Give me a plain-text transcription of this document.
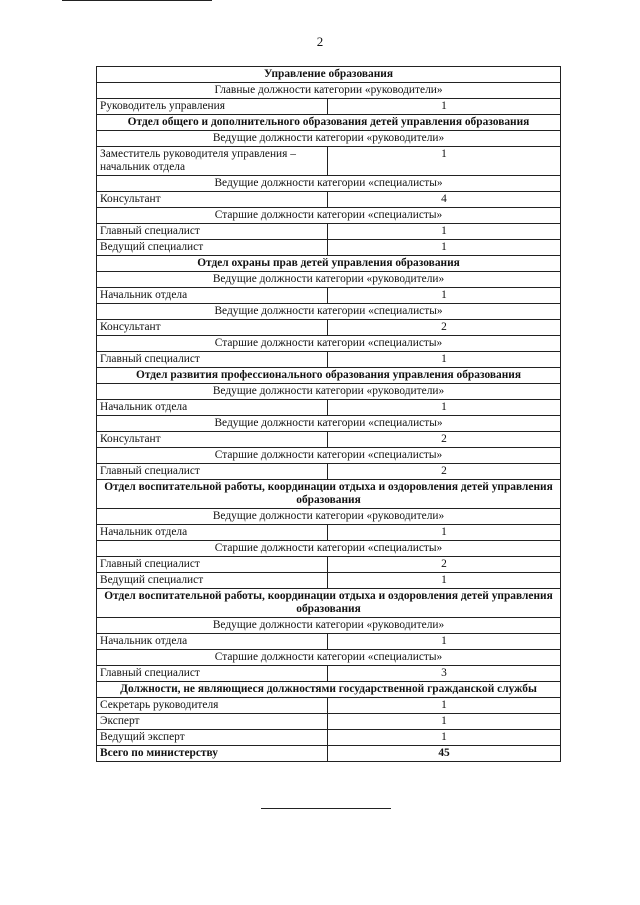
2
Управление образования	
Главные должности категории «руководители»	
Руководитель управления	1
Отдел общего и дополнительного образования детей управления образования	
Ведущие должности категории «руководители»	
Заместитель руководителя управления – начальник отдела	1
Ведущие должности категории «специалисты»	
Консультант	4
Старшие должности категории «специалисты»	
Главный специалист	1
Ведущий специалист	1
Отдел охраны прав детей управления образования	
Ведущие должности категории «руководители»	
Начальник отдела	1
Ведущие должности категории «специалисты»	
Консультант	2
Старшие должности категории «специалисты»	
Главный специалист	1
Отдел развития профессионального образования управления образования	
Ведущие должности категории «руководители»	
Начальник отдела	1
Ведущие должности категории «специалисты»	
Консультант	2
Старшие должности категории «специалисты»	
Главный специалист	2
Отдел воспитательной работы, координации отдыха и оздоровления детей управления образования	
Ведущие должности категории «руководители»	
Начальник отдела	1
Старшие должности категории «специалисты»	
Главный специалист	2
Ведущий специалист	1
Отдел воспитательной работы, координации отдыха и оздоровления детей управления образования	
Ведущие должности категории «руководители»	
Начальник отдела	1
Старшие должности категории «специалисты»	
Главный специалист	3
Должности, не являющиеся должностями государственной гражданской службы	
Секретарь руководителя	1
Эксперт	1
Ведущий эксперт	1
Всего по министерству	45
